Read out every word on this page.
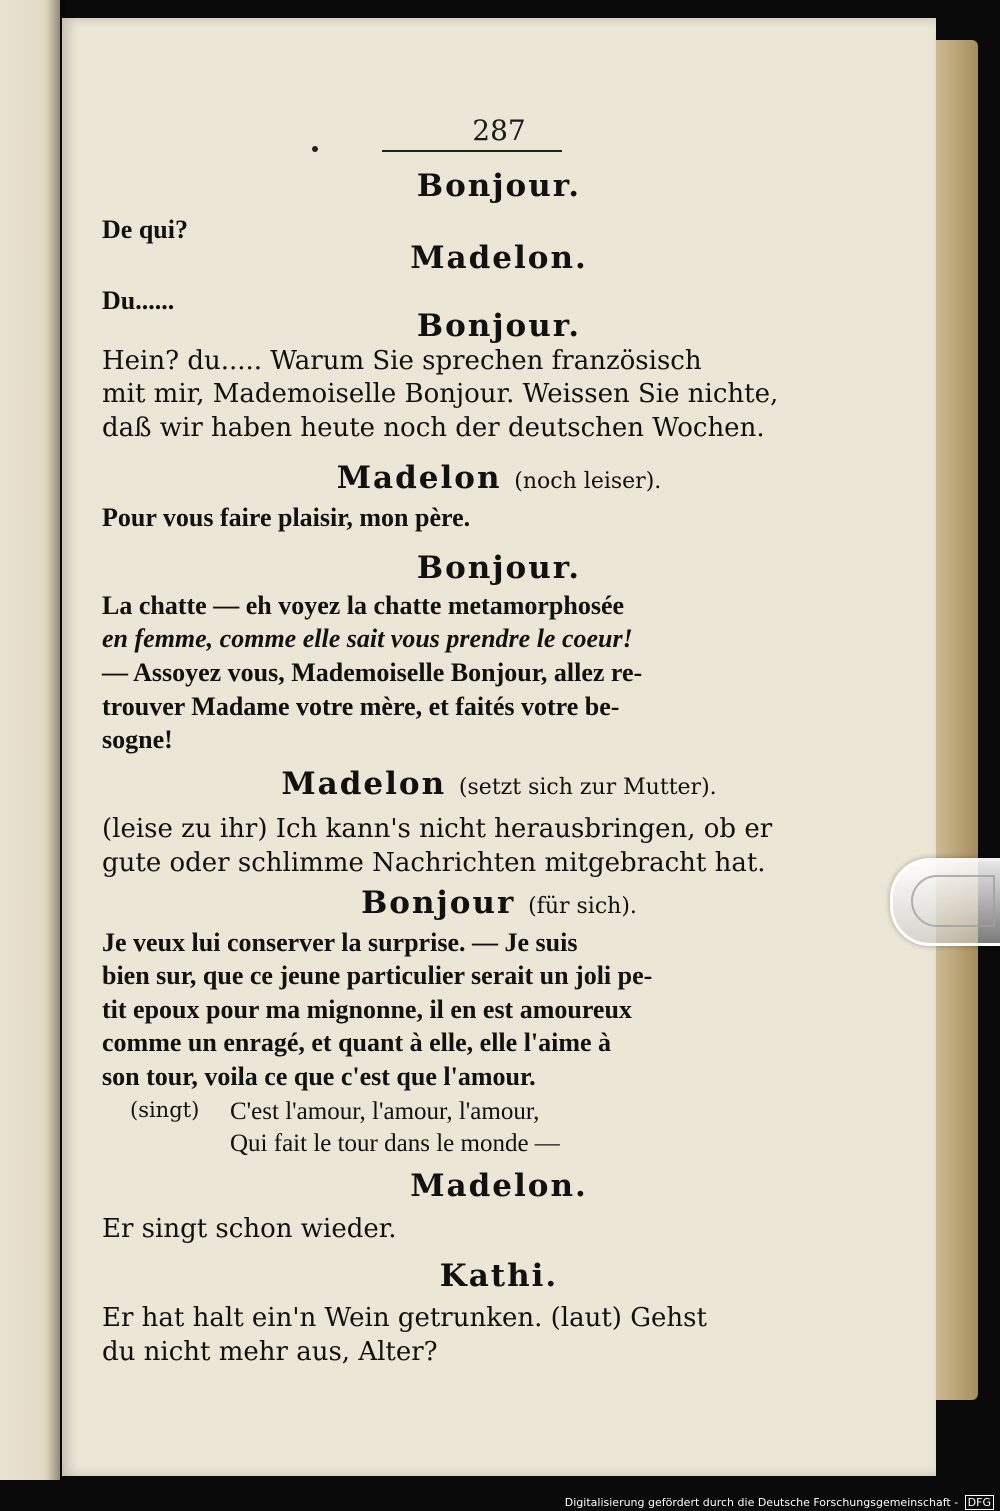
287
Bonjour.
De qui?
Madelon.
Du......
Bonjour.
Hein? du..... Warum Sie sprechen französisch
mit mir, Mademoiselle Bonjour. Weissen Sie nichte,
daß wir haben heute noch der deutschen Wochen.
Madelon (noch leiser).
Pour vous faire plaisir, mon père.
Bonjour.
La chatte — eh voyez la chatte metamorphosée
en femme, comme elle sait vous prendre le coeur!
— Assoyez vous, Mademoiselle Bonjour, allez re-
trouver Madame votre mère, et faités votre be-
sogne!
Madelon (setzt sich zur Mutter).
(leise zu ihr) Ich kann's nicht herausbringen, ob er
gute oder schlimme Nachrichten mitgebracht hat.
Bonjour (für sich).
Je veux lui conserver la surprise. — Je suis
bien sur, que ce jeune particulier serait un joli pe-
tit epoux pour ma mignonne, il en est amoureux
comme un enragé, et quant à elle, elle l'aime à
son tour, voila ce que c'est que l'amour.
(singt) C'est l'amour, l'amour, l'amour,
Qui fait le tour dans le monde —
Madelon.
Er singt schon wieder.
Kathi.
Er hat halt ein'n Wein getrunken. (laut) Gehst
du nicht mehr aus, Alter?
Digitalisierung gefördert durch die Deutsche Forschungsgemeinschaft - DFG
